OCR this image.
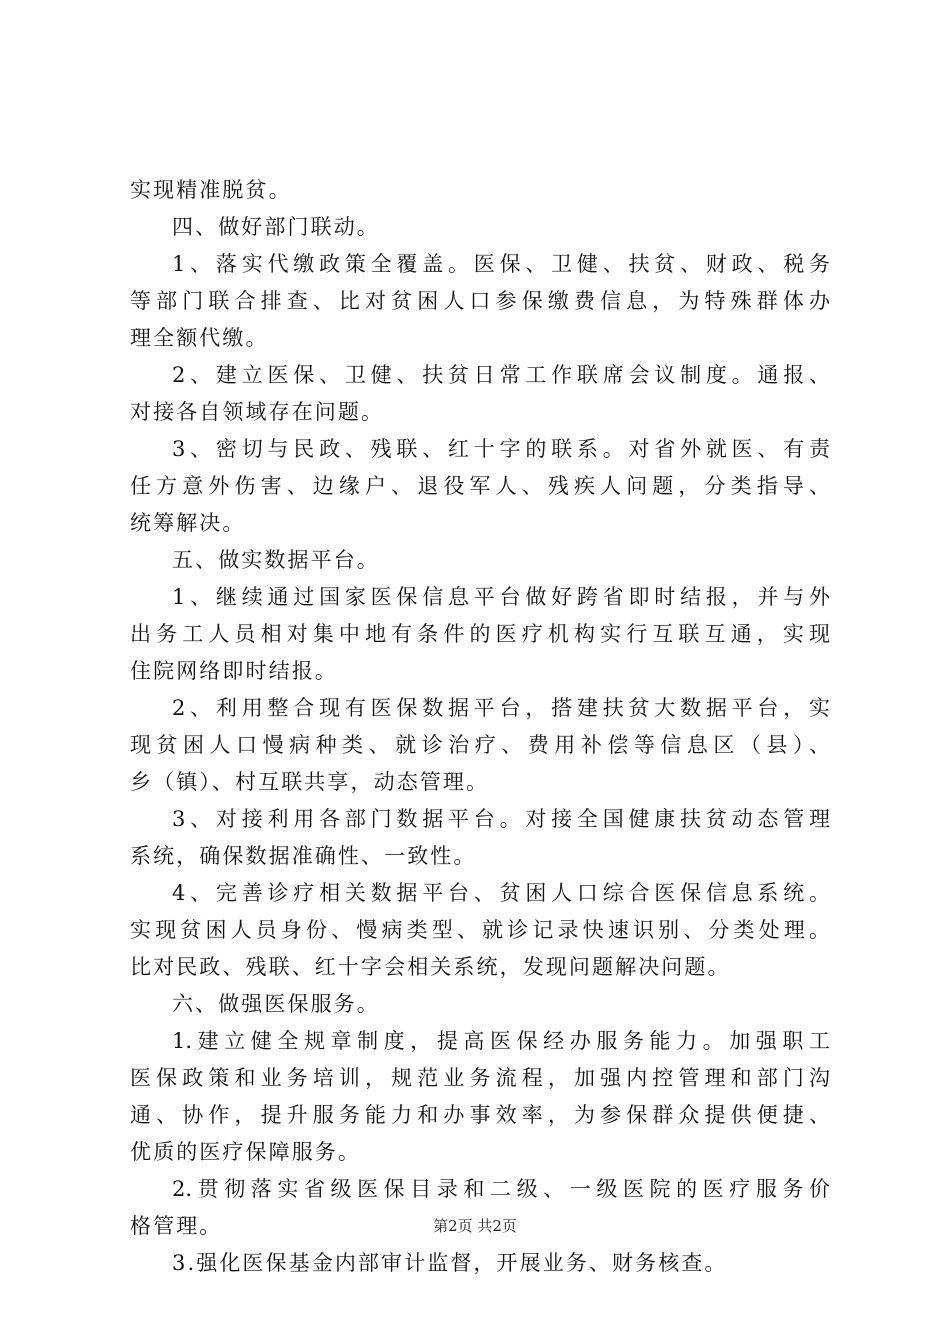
实现精准脱贫。
四、做好部门联动。
1、落实代缴政策全覆盖。医保、卫健、扶贫、财政、税务
等部门联合排查、比对贫困人口参保缴费信息，为特殊群体办
理全额代缴。
2、建立医保、卫健、扶贫日常工作联席会议制度。通报、
对接各自领域存在问题。
3、密切与民政、残联、红十字的联系。对省外就医、有责
任方意外伤害、边缘户、退役军人、残疾人问题，分类指导、
统筹解决。
五、做实数据平台。
1、继续通过国家医保信息平台做好跨省即时结报，并与外
出务工人员相对集中地有条件的医疗机构实行互联互通，实现
住院网络即时结报。
2、利用整合现有医保数据平台，搭建扶贫大数据平台，实
现贫困人口慢病种类、就诊治疗、费用补偿等信息区（县）、
乡（镇）、村互联共享，动态管理。
3、对接利用各部门数据平台。对接全国健康扶贫动态管理
系统，确保数据准确性、一致性。
4、完善诊疗相关数据平台、贫困人口综合医保信息系统。
实现贫困人员身份、慢病类型、就诊记录快速识别、分类处理。
比对民政、残联、红十字会相关系统，发现问题解决问题。
六、做强医保服务。
1.建立健全规章制度，提高医保经办服务能力。加强职工
医保政策和业务培训，规范业务流程，加强内控管理和部门沟
通、协作，提升服务能力和办事效率，为参保群众提供便捷、
优质的医疗保障服务。
2.贯彻落实省级医保目录和二级、一级医院的医疗服务价
格管理。
3.强化医保基金内部审计监督，开展业务、财务核查。
第2页 共2页
